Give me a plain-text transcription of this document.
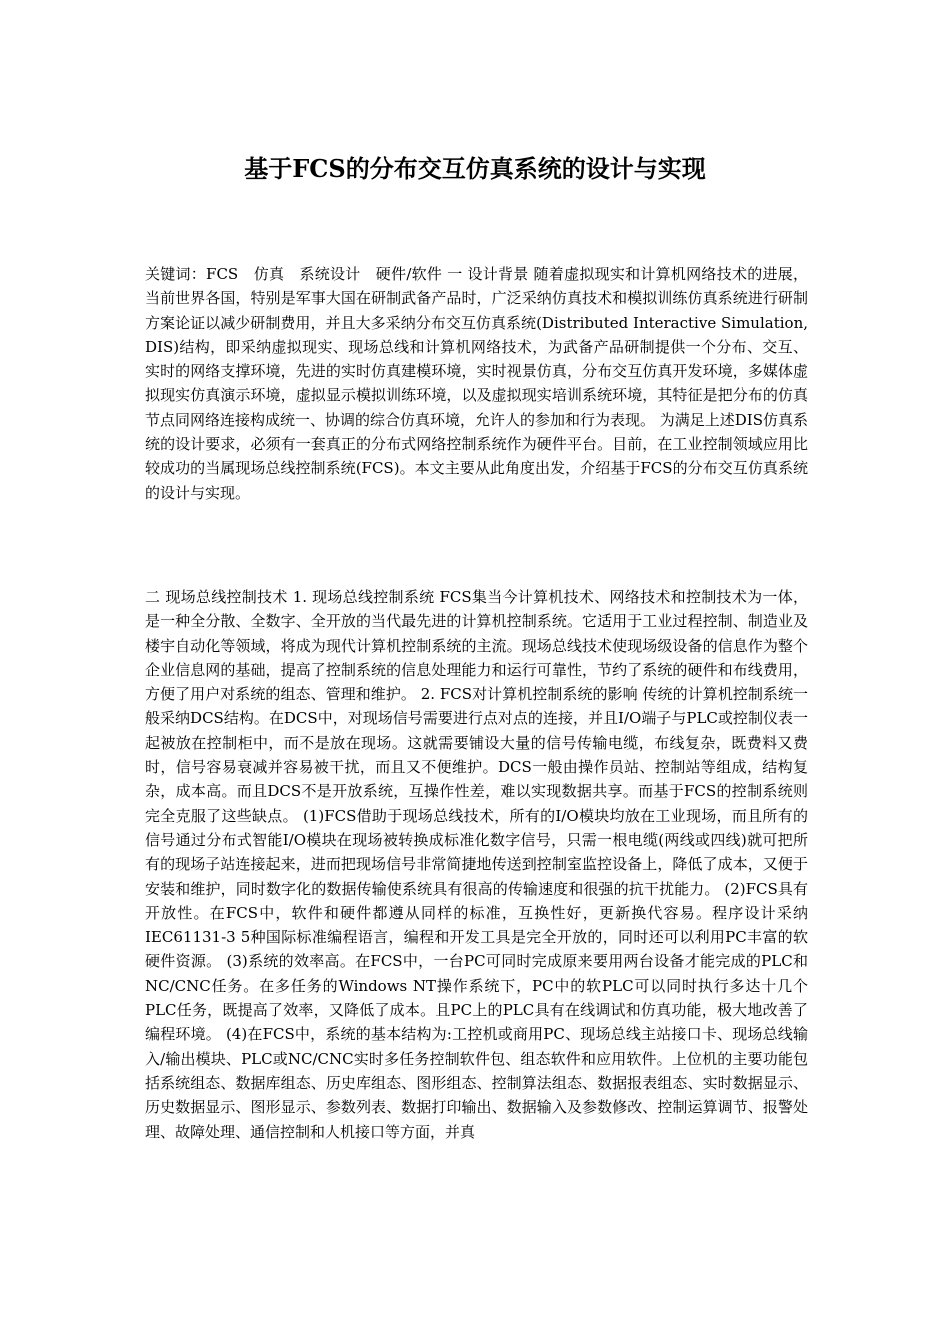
基于FCS的分布交互仿真系统的设计与实现

关键词：FCS　仿真　系统设计　硬件/软件 一 设计背景 随着虚拟现实和计算机网络技术的进展，当前世界各国，特别是军事大国在研制武备产品时，广泛采纳仿真技术和模拟训练仿真系统进行研制方案论证以减少研制费用，并且大多采纳分布交互仿真系统(Distributed Interactive Simulation, DIS)结构，即采纳虚拟现实、现场总线和计算机网络技术，为武备产品研制提供一个分布、交互、实时的网络支撑环境，先进的实时仿真建模环境，实时视景仿真，分布交互仿真开发环境，多媒体虚拟现实仿真演示环境，虚拟显示模拟训练环境，以及虚拟现实培训系统环境，其特征是把分布的仿真节点同网络连接构成统一、协调的综合仿真环境，允许人的参加和行为表现。 为满足上述DIS仿真系统的设计要求，必须有一套真正的分布式网络控制系统作为硬件平台。目前，在工业控制领域应用比较成功的当属现场总线控制系统(FCS)。本文主要从此角度出发，介绍基于FCS的分布交互仿真系统的设计与实现。

二 现场总线控制技术 1. 现场总线控制系统 FCS集当今计算机技术、网络技术和控制技术为一体，是一种全分散、全数字、全开放的当代最先进的计算机控制系统。它适用于工业过程控制、制造业及楼宇自动化等领域，将成为现代计算机控制系统的主流。现场总线技术使现场级设备的信息作为整个企业信息网的基础，提高了控制系统的信息处理能力和运行可靠性，节约了系统的硬件和布线费用，方便了用户对系统的组态、管理和维护。 2. FCS对计算机控制系统的影响 传统的计算机控制系统一般采纳DCS结构。在DCS中，对现场信号需要进行点对点的连接，并且I/O端子与PLC或控制仪表一起被放在控制柜中，而不是放在现场。这就需要铺设大量的信号传输电缆，布线复杂，既费料又费时，信号容易衰减并容易被干扰，而且又不便维护。DCS一般由操作员站、控制站等组成，结构复杂，成本高。而且DCS不是开放系统，互操作性差，难以实现数据共享。而基于FCS的控制系统则完全克服了这些缺点。 (1)FCS借助于现场总线技术，所有的I/O模块均放在工业现场，而且所有的信号通过分布式智能I/O模块在现场被转换成标准化数字信号，只需一根电缆(两线或四线)就可把所有的现场子站连接起来，进而把现场信号非常简捷地传送到控制室监控设备上，降低了成本，又便于安装和维护，同时数字化的数据传输使系统具有很高的传输速度和很强的抗干扰能力。 (2)FCS具有开放性。在FCS中，软件和硬件都遵从同样的标准，互换性好，更新换代容易。程序设计采纳IEC61131-3 5种国际标准编程语言，编程和开发工具是完全开放的，同时还可以利用PC丰富的软硬件资源。 (3)系统的效率高。在FCS中，一台PC可同时完成原来要用两台设备才能完成的PLC和NC/CNC任务。在多任务的Windows NT操作系统下，PC中的软PLC可以同时执行多达十几个PLC任务，既提高了效率，又降低了成本。且PC上的PLC具有在线调试和仿真功能，极大地改善了编程环境。 (4)在FCS中，系统的基本结构为:工控机或商用PC、现场总线主站接口卡、现场总线输入/输出模块、PLC或NC/CNC实时多任务控制软件包、组态软件和应用软件。上位机的主要功能包括系统组态、数据库组态、历史库组态、图形组态、控制算法组态、数据报表组态、实时数据显示、历史数据显示、图形显示、参数列表、数据打印输出、数据输入及参数修改、控制运算调节、报警处理、故障处理、通信控制和人机接口等方面，并真
